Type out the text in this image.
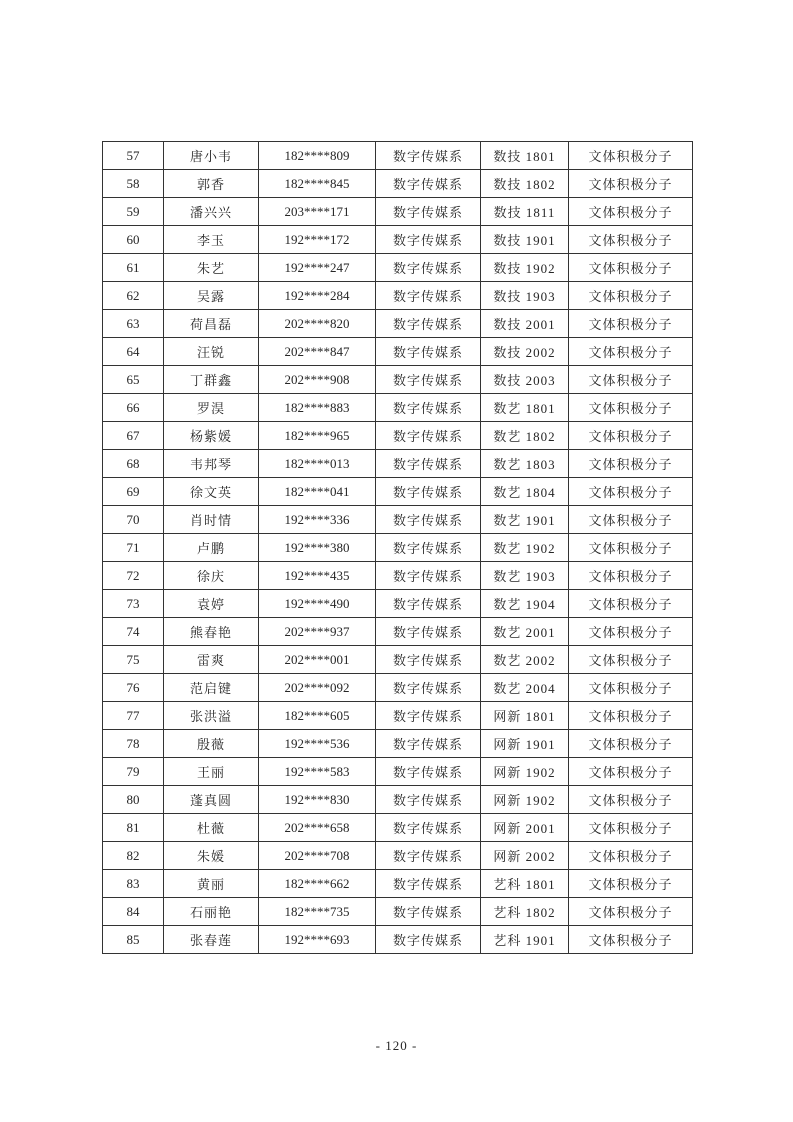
57	唐小韦	182****809	数字传媒系	数技 1801	文体积极分子
58	郭香	182****845	数字传媒系	数技 1802	文体积极分子
59	潘兴兴	203****171	数字传媒系	数技 1811	文体积极分子
60	李玉	192****172	数字传媒系	数技 1901	文体积极分子
61	朱艺	192****247	数字传媒系	数技 1902	文体积极分子
62	吴露	192****284	数字传媒系	数技 1903	文体积极分子
63	荷昌磊	202****820	数字传媒系	数技 2001	文体积极分子
64	汪锐	202****847	数字传媒系	数技 2002	文体积极分子
65	丁群鑫	202****908	数字传媒系	数技 2003	文体积极分子
66	罗淏	182****883	数字传媒系	数艺 1801	文体积极分子
67	杨紫媛	182****965	数字传媒系	数艺 1802	文体积极分子
68	韦邦琴	182****013	数字传媒系	数艺 1803	文体积极分子
69	徐文英	182****041	数字传媒系	数艺 1804	文体积极分子
70	肖时情	192****336	数字传媒系	数艺 1901	文体积极分子
71	卢鹏	192****380	数字传媒系	数艺 1902	文体积极分子
72	徐庆	192****435	数字传媒系	数艺 1903	文体积极分子
73	袁婷	192****490	数字传媒系	数艺 1904	文体积极分子
74	熊春艳	202****937	数字传媒系	数艺 2001	文体积极分子
75	雷爽	202****001	数字传媒系	数艺 2002	文体积极分子
76	范启键	202****092	数字传媒系	数艺 2004	文体积极分子
77	张洪溢	182****605	数字传媒系	网新 1801	文体积极分子
78	殷薇	192****536	数字传媒系	网新 1901	文体积极分子
79	王丽	192****583	数字传媒系	网新 1902	文体积极分子
80	蓬真圆	192****830	数字传媒系	网新 1902	文体积极分子
81	杜薇	202****658	数字传媒系	网新 2001	文体积极分子
82	朱媛	202****708	数字传媒系	网新 2002	文体积极分子
83	黄丽	182****662	数字传媒系	艺科 1801	文体积极分子
84	石丽艳	182****735	数字传媒系	艺科 1802	文体积极分子
85	张春莲	192****693	数字传媒系	艺科 1901	文体积极分子
- 120 -
